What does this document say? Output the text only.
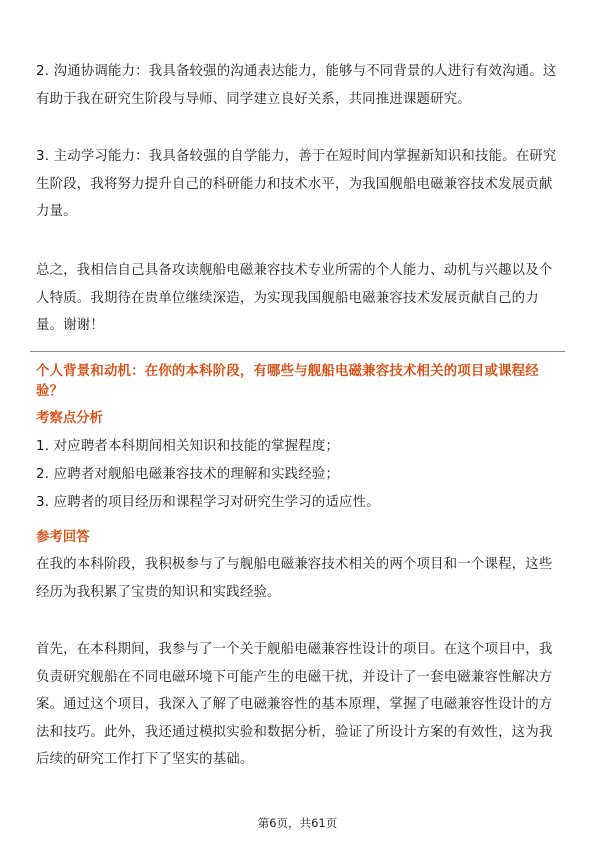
2. 沟通协调能力：我具备较强的沟通表达能力，能够与不同背景的人进行有效沟通。这有助于我在研究生阶段与导师、同学建立良好关系，共同推进课题研究。

3. 主动学习能力：我具备较强的自学能力，善于在短时间内掌握新知识和技能。在研究生阶段，我将努力提升自己的科研能力和技术水平，为我国舰船电磁兼容技术发展贡献力量。

总之，我相信自己具备攻读舰船电磁兼容技术专业所需的个人能力、动机与兴趣以及个人特质。我期待在贵单位继续深造，为实现我国舰船电磁兼容技术发展贡献自己的力量。谢谢！

个人背景和动机：在你的本科阶段，有哪些与舰船电磁兼容技术相关的项目或课程经验？

考察点分析

1. 对应聘者本科期间相关知识和技能的掌握程度；

2. 应聘者对舰船电磁兼容技术的理解和实践经验；

3. 应聘者的项目经历和课程学习对研究生学习的适应性。

参考回答

在我的本科阶段，我积极参与了与舰船电磁兼容技术相关的两个项目和一个课程，这些经历为我积累了宝贵的知识和实践经验。

首先，在本科期间，我参与了一个关于舰船电磁兼容性设计的项目。在这个项目中，我负责研究舰船在不同电磁环境下可能产生的电磁干扰，并设计了一套电磁兼容性解决方案。通过这个项目，我深入了解了电磁兼容性的基本原理，掌握了电磁兼容性设计的方法和技巧。此外，我还通过模拟实验和数据分析，验证了所设计方案的有效性，这为我后续的研究工作打下了坚实的基础。

第6页，共61页
